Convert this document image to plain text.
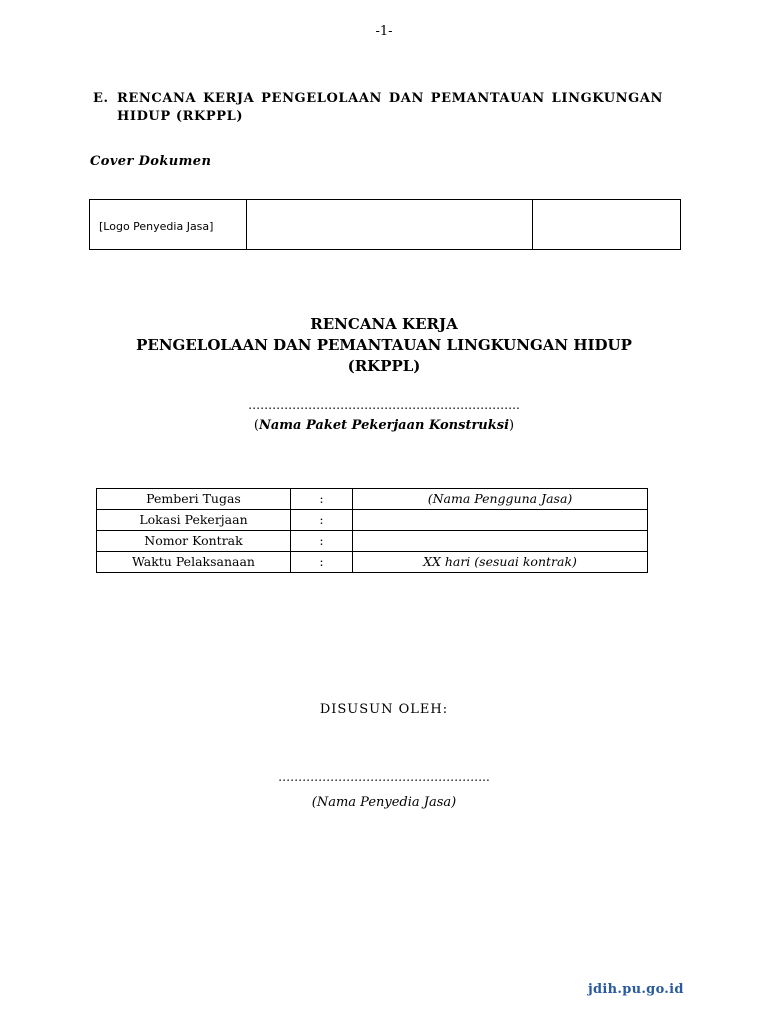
-1-
E. RENCANA KERJA PENGELOLAAN DAN PEMANTAUAN LINGKUNGAN HIDUP (RKPPL)
Cover Dokumen
[Logo Penyedia Jasa]		
RENCANA KERJA
PENGELOLAAN DAN PEMANTAUAN LINGKUNGAN HIDUP
(RKPPL)
…………………………………………………………..
(Nama Paket Pekerjaan Konstruksi)
Pemberi Tugas	:	(Nama Pengguna Jasa)
Lokasi Pekerjaan	:	
Nomor Kontrak	:	
Waktu Pelaksanaan	:	XX hari (sesuai kontrak)
DISUSUN OLEH:
……………………………………………..
(Nama Penyedia Jasa)
jdih.pu.go.id
